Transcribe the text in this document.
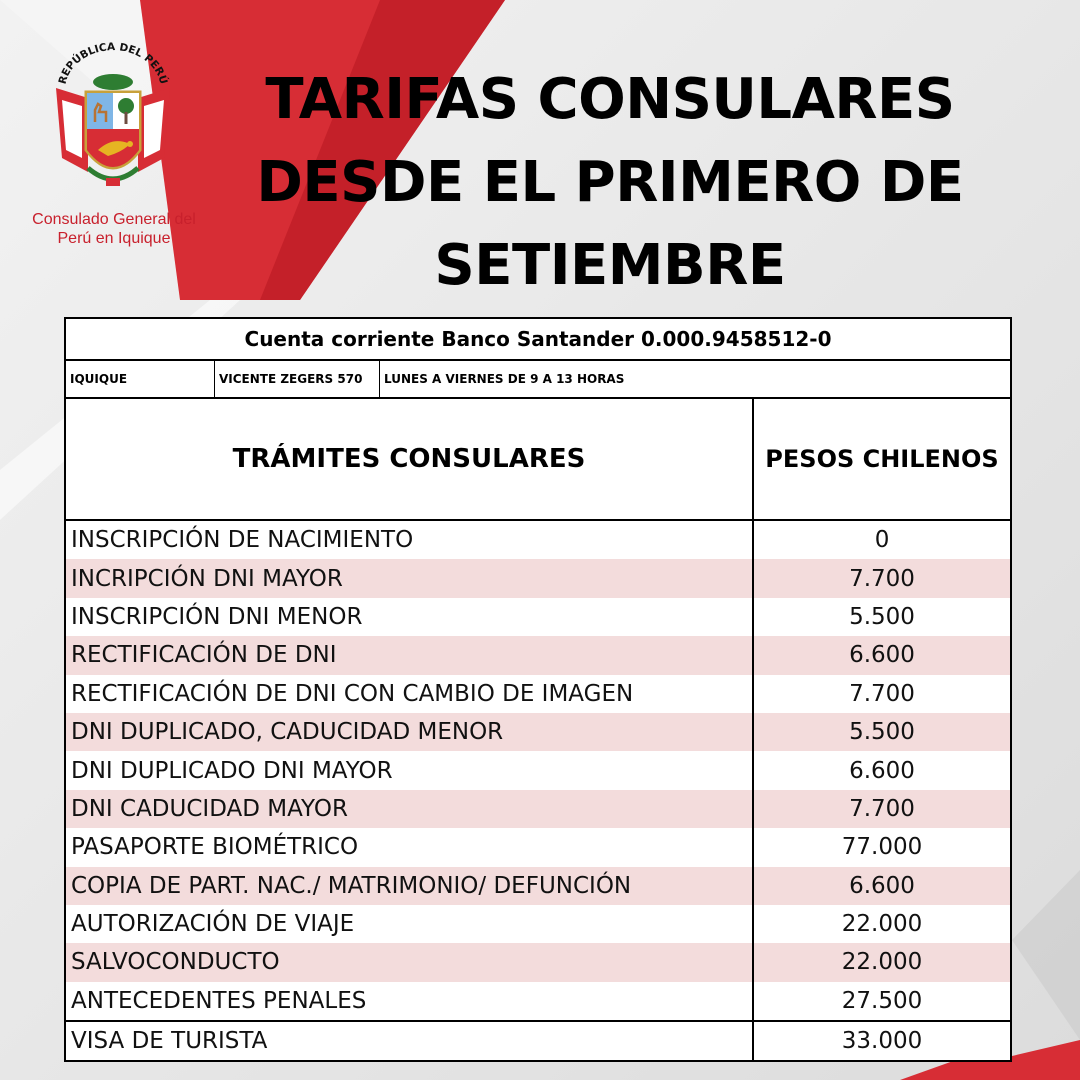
REPÚBLICA DEL PERÚ
Consulado General del
Perú en Iquique
TARIFAS CONSULARES
DESDE EL PRIMERO DE
SETIEMBRE
Cuenta corriente Banco Santander 0.000.9458512-0	

IQUIQUE VICENTE ZEGERS 570 LUNES A VIERNES DE 9 A 13 HORAS	

TRÁMITES CONSULARES	PESOS CHILENOS
INSCRIPCIÓN DE NACIMIENTO	0
INCRIPCIÓN DNI MAYOR	7.700
INSCRIPCIÓN DNI MENOR	5.500
RECTIFICACIÓN DE DNI	6.600
RECTIFICACIÓN DE DNI CON CAMBIO DE IMAGEN	7.700
DNI DUPLICADO, CADUCIDAD MENOR	5.500
DNI DUPLICADO DNI MAYOR	6.600
DNI CADUCIDAD MAYOR	7.700
PASAPORTE BIOMÉTRICO	77.000
COPIA DE PART. NAC./ MATRIMONIO/ DEFUNCIÓN	6.600
AUTORIZACIÓN DE VIAJE	22.000
SALVOCONDUCTO	22.000
ANTECEDENTES PENALES	27.500
VISA DE TURISTA	33.000
